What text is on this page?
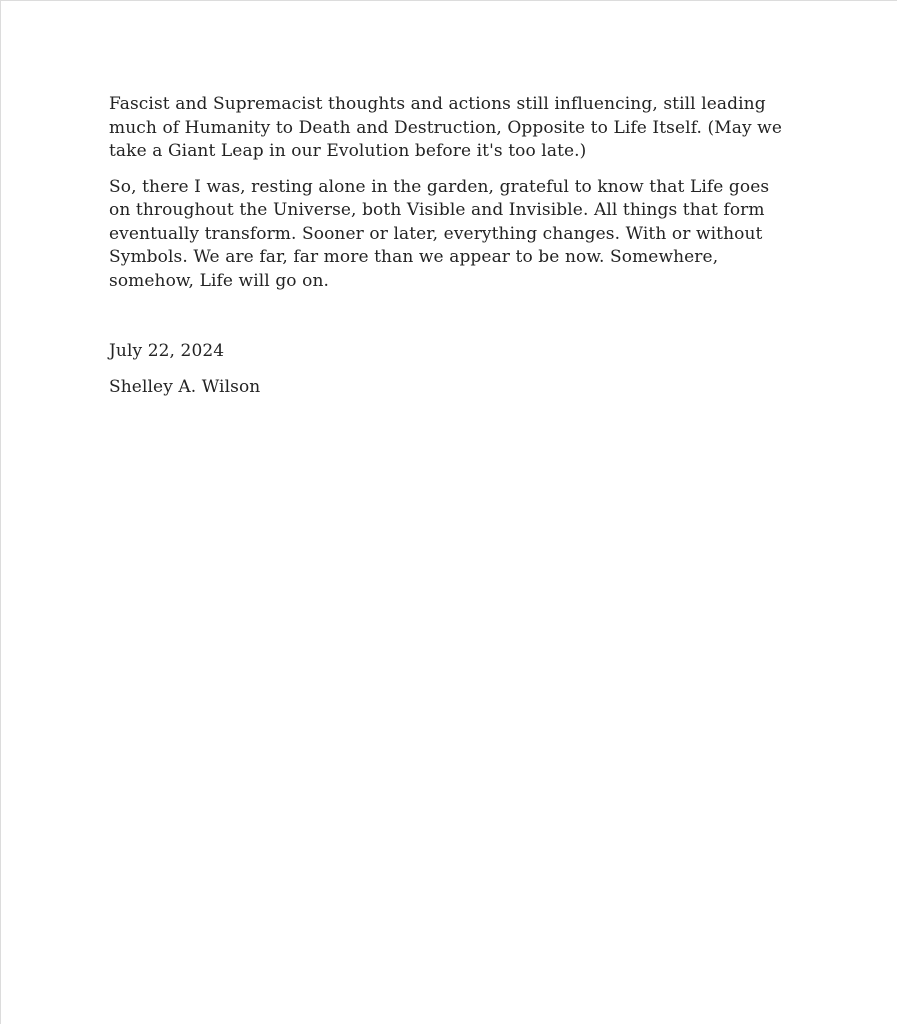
Fascist and Supremacist thoughts and actions still influencing, still leading much of Humanity to Death and Destruction, Opposite to Life Itself. (May we take a Giant Leap in our Evolution before it's too late.)

So, there I was, resting alone in the garden, grateful to know that Life goes on throughout the Universe, both Visible and Invisible. All things that form eventually transform. Sooner or later, everything changes. With or without Symbols. We are far, far more than we appear to be now. Somewhere, somehow, Life will go on.

July 22, 2024

Shelley A. Wilson
